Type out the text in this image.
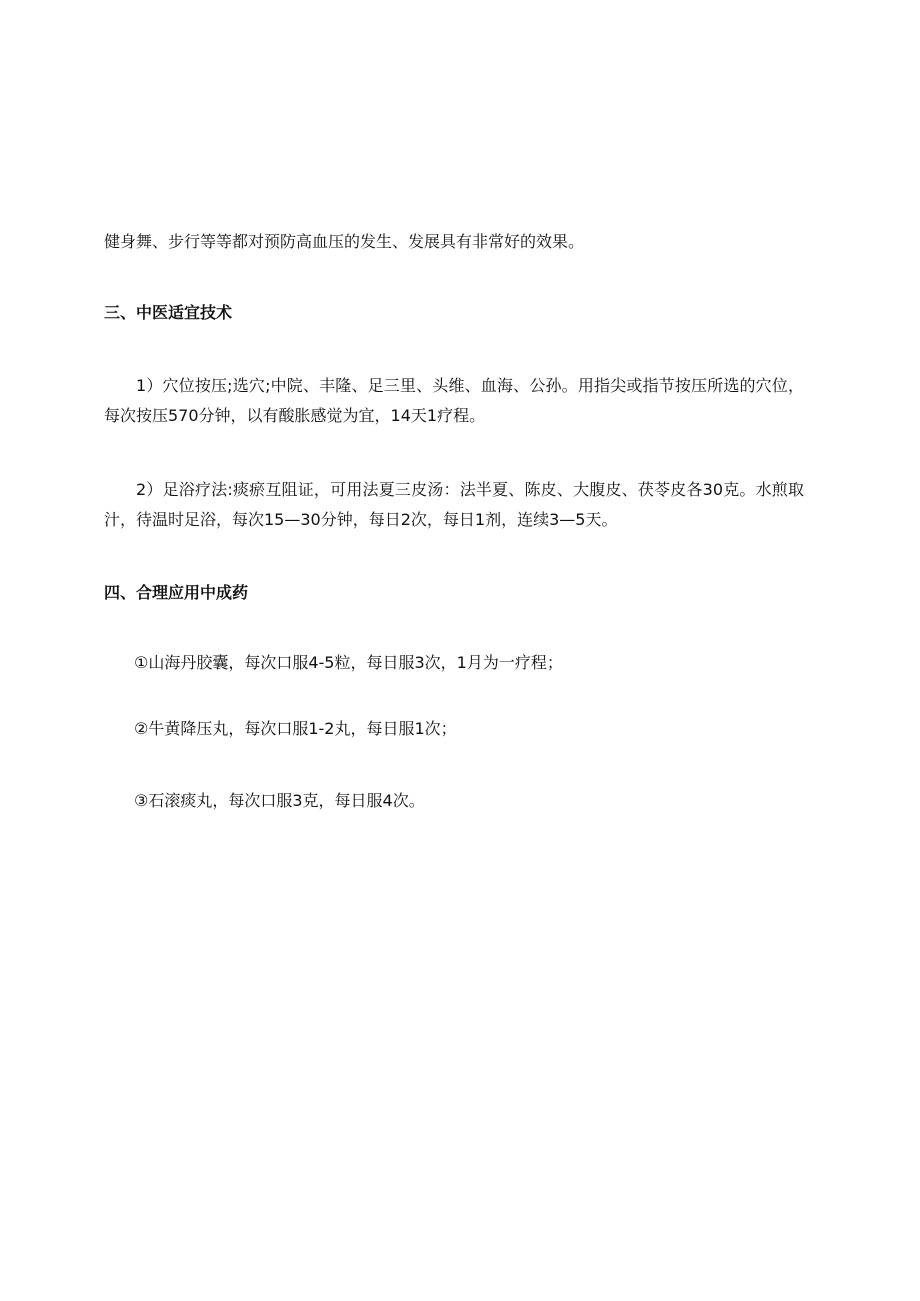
健身舞、步行等等都对预防高血压的发生、发展具有非常好的效果。

三、中医适宜技术

1）穴位按压;选穴;中院、丰隆、足三里、头维、血海、公孙。用指尖或指节按压所选的穴位，每次按压570分钟，以有酸胀感觉为宜，14天1疗程。

2）足浴疗法:痰瘀互阻证，可用法夏三皮汤：法半夏、陈皮、大腹皮、茯苓皮各30克。水煎取汁，待温时足浴，每次15—30分钟，每日2次，每日1剂，连续3—5天。

四、合理应用中成药

①山海丹胶囊，每次口服4-5粒，每日服3次，1月为一疗程；

②牛黄降压丸，每次口服1-2丸，每日服1次；

③石滚痰丸，每次口服3克，每日服4次。
